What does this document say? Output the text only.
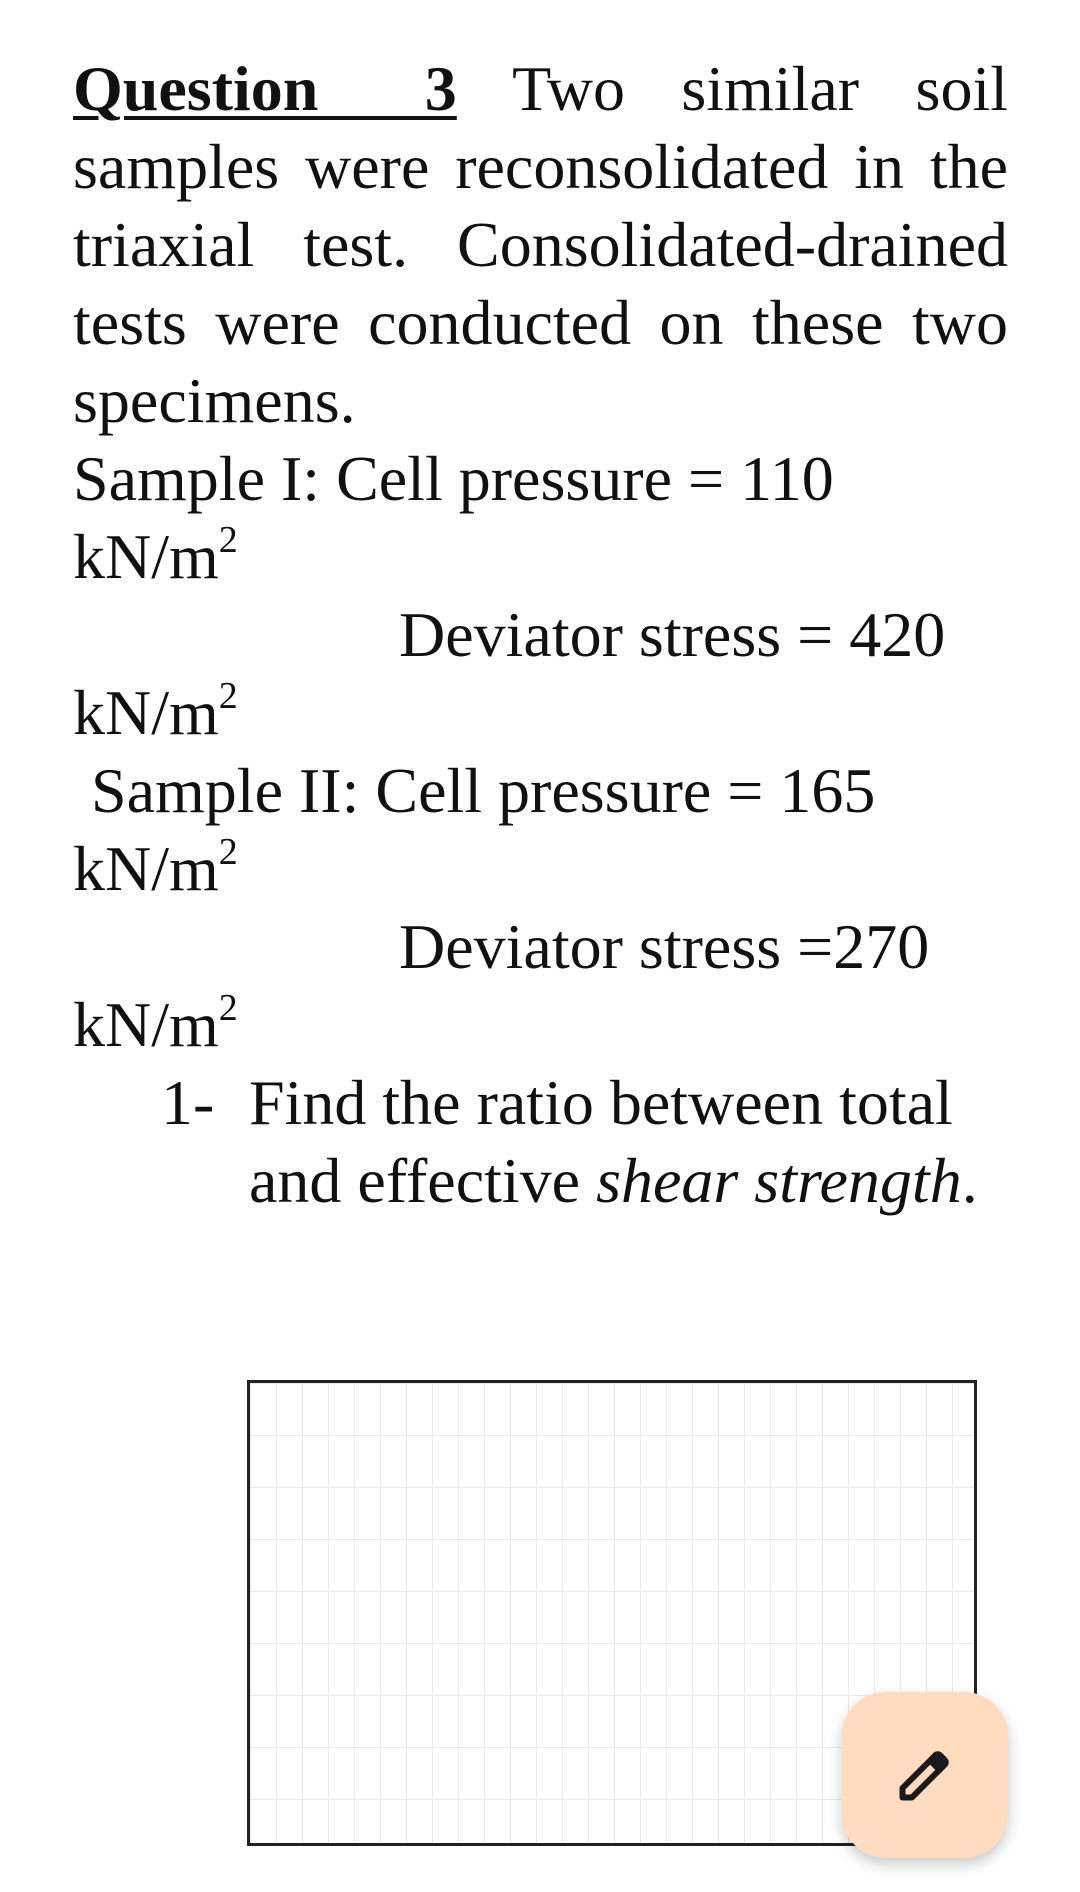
Question 3 Two similar soil samples were reconsolidated in the triaxial test. Consolidated-drained tests were conducted on these two specimens.

Sample I: Cell pressure = 110

$kN/m^2$

Deviator stress = 420

$kN/m^2$

Sample II: Cell pressure = 165

$kN/m^2$

Deviator stress =270

$kN/m^2$

1- Find the ratio between total and effective shear strength.
